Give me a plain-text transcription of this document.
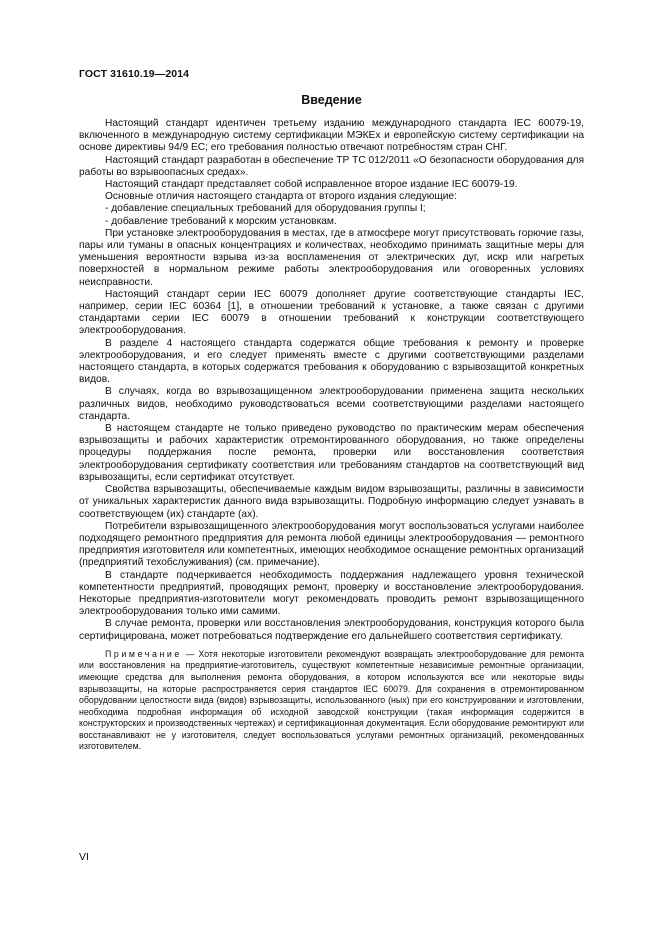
ГОСТ 31610.19—2014
Введение

Настоящий стандарт идентичен третьему изданию международного стандарта IEC 60079-19, включенного в международную систему сертификации МЭКЕх и европейскую систему сертификации на основе директивы 94/9 ЕС; его требования полностью отвечают потребностям стран СНГ.

Настоящий стандарт разработан в обеспечение ТР ТС 012/2011 «О безопасности оборудования для работы во взрывоопасных средах».

Настоящий стандарт представляет собой исправленное второе издание IEC 60079-19.

Основные отличия настоящего стандарта от второго издания следующие:

- добавление специальных требований для оборудования группы I;

- добавление требований к морским установкам.

При установке электрооборудования в местах, где в атмосфере могут присутствовать горючие газы, пары или туманы в опасных концентрациях и количествах, необходимо принимать защитные меры для уменьшения вероятности взрыва из-за воспламенения от электрических дуг, искр или нагретых поверхностей в нормальном режиме работы электрооборудования или оговоренных условиях неисправности.

Настоящий стандарт серии IEC 60079 дополняет другие соответствующие стандарты IEC, например, серии IEC 60364 [1], в отношении требований к установке, а также связан с другими стандартами серии IEC 60079 в отношении требований к конструкции соответствующего электрооборудования.

В разделе 4 настоящего стандарта содержатся общие требования к ремонту и проверке электрооборудования, и его следует применять вместе с другими соответствующими разделами настоящего стандарта, в которых содержатся требования к оборудованию с взрывозащитой конкретных видов.

В случаях, когда во взрывозащищенном электрооборудовании применена защита нескольких различных видов, необходимо руководствоваться всеми соответствующими разделами настоящего стандарта.

В настоящем стандарте не только приведено руководство по практическим мерам обеспечения взрывозащиты и рабочих характеристик отремонтированного оборудования, но также определены процедуры поддержания после ремонта, проверки или восстановления соответствия электрооборудования сертификату соответствия или требованиям стандартов на соответствующий вид взрывозащиты, если сертификат отсутствует.

Свойства взрывозащиты, обеспечиваемые каждым видом взрывозащиты, различны в зависимости от уникальных характеристик данного вида взрывозащиты. Подробную информацию следует узнавать в соответствующем (их) стандарте (ах).

Потребители взрывозащищенного электрооборудования могут воспользоваться услугами наиболее подходящего ремонтного предприятия для ремонта любой единицы электрооборудования — ремонтного предприятия изготовителя или компетентных, имеющих необходимое оснащение ремонтных организаций (предприятий техобслуживания) (см. примечание).

В стандарте подчеркивается необходимость поддержания надлежащего уровня технической компетентности предприятий, проводящих ремонт, проверку и восстановление электрооборудования. Некоторые предприятия-изготовители могут рекомендовать проводить ремонт взрывозащищенного электрооборудования только ими самими.

В случае ремонта, проверки или восстановления электрооборудования, конструкция которого была сертифицирована, может потребоваться подтверждение его дальнейшего соответствия сертификату.

Примечание — Хотя некоторые изготовители рекомендуют возвращать электрооборудование для ремонта или восстановления на предприятие-изготовитель, существуют компетентные независимые ремонтные организации, имеющие средства для выполнения ремонта оборудования, в котором используются все или некоторые виды взрывозащиты, на которые распространяется серия стандартов IEC 60079. Для сохранения в отремонтированном оборудовании целостности вида (видов) взрывозащиты, использованного (ных) при его конструировании и изготовлении, необходима подробная информация об исходной заводской конструкции (такая информация содержится в конструкторских и производственных чертежах) и сертификационная документация. Если оборудование ремонтируют или восстанавливают не у изготовителя, следует воспользоваться услугами ремонтных организаций, рекомендованных изготовителем.

VI
